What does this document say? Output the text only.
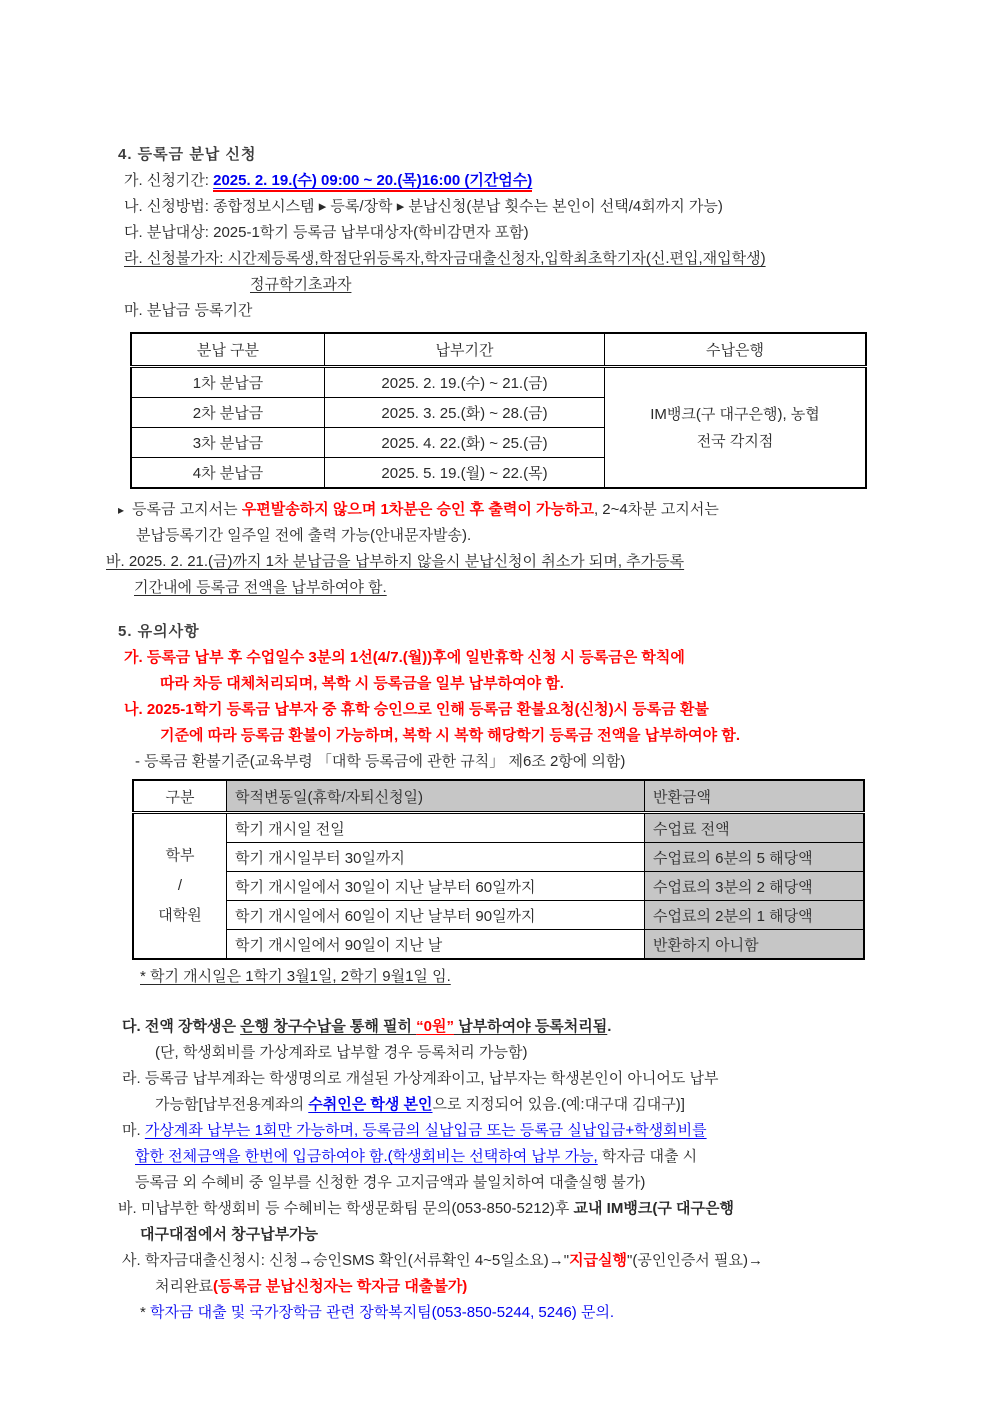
4. 등록금 분납 신청
가. 신청기간: 2025. 2. 19.(수) 09:00 ~ 20.(목)16:00 (기간엄수)
나. 신청방법: 종합정보시스템 ▸ 등록/장학 ▸ 분납신청(분납 횟수는 본인이 선택/4회까지 가능)
다. 분납대상: 2025-1학기 등록금 납부대상자(학비감면자 포함)
라. 신청불가자: 시간제등록생,학점단위등록자,학자금대출신청자,입학최초학기자(신.편입,재입학생)
정규학기초과자
마. 분납금 등록기간
분납 구분	납부기간	수납은행
1차 분납금	2025. 2. 19.(수) ~ 21.(금)	IM뱅크(구 대구은행), 농협
전국 각지점

2차 분납금	2025. 3. 25.(화) ~ 28.(금)	
3차 분납금	2025. 4. 22.(화) ~ 25.(금)	
4차 분납금	2025. 5. 19.(월) ~ 22.(목)	
▸ 등록금 고지서는 우편발송하지 않으며 1차분은 승인 후 출력이 가능하고, 2~4차분 고지서는
분납등록기간 일주일 전에 출력 가능(안내문자발송).
바. 2025. 2. 21.(금)까지 1차 분납금을 납부하지 않을시 분납신청이 취소가 되며, 추가등록
기간내에 등록금 전액을 납부하여야 함.
5. 유의사항
가. 등록금 납부 후 수업일수 3분의 1선(4/7.(월))후에 일반휴학 신청 시 등록금은 학칙에
따라 차등 대체처리되며, 복학 시 등록금을 일부 납부하여야 함.
나. 2025-1학기 등록금 납부자 중 휴학 승인으로 인해 등록금 환불요청(신청)시 등록금 환불
기준에 따라 등록금 환불이 가능하며, 복학 시 복학 해당학기 등록금 전액을 납부하여야 함.
- 등록금 환불기준(교육부령 「대학 등록금에 관한 규칙」 제6조 2항에 의함)
구분	학적변동일(휴학/자퇴신청일)	반환금액

학부
/
대학원	학기 개시일 전일	수업료 전액
	학기 개시일부터 30일까지	수업료의 6분의 5 해당액
	학기 개시일에서 30일이 지난 날부터 60일까지	수업료의 3분의 2 해당액
	학기 개시일에서 60일이 지난 날부터 90일까지	수업료의 2분의 1 해당액
	학기 개시일에서 90일이 지난 날	반환하지 아니함
* 학기 개시일은 1학기 3월1일, 2학기 9월1일 임.
다. 전액 장학생은 은행 창구수납을 통해 필히 “0원” 납부하여야 등록처리됨.
(단, 학생회비를 가상계좌로 납부할 경우 등록처리 가능함)
라. 등록금 납부계좌는 학생명의로 개설된 가상계좌이고, 납부자는 학생본인이 아니어도 납부
가능함[납부전용계좌의 수취인은 학생 본인으로 지정되어 있음.(예:대구대 김대구)]
마. 가상계좌 납부는 1회만 가능하며, 등록금의 실납입금 또는 등록금 실납입금+학생회비를
합한 전체금액을 한번에 입금하여야 함.(학생회비는 선택하여 납부 가능, 학자금 대출 시
등록금 외 수혜비 중 일부를 신청한 경우 고지금액과 불일치하여 대출실행 불가)
바. 미납부한 학생회비 등 수혜비는 학생문화팀 문의(053-850-5212)후 교내 IM뱅크(구 대구은행
대구대점에서 창구납부가능
사. 학자금대출신청시: 신청→승인SMS 확인(서류확인 4~5일소요)→"지급실행"(공인인증서 필요)→
처리완료(등록금 분납신청자는 학자금 대출불가)
* 학자금 대출 및 국가장학금 관련 장학복지팀(053-850-5244, 5246) 문의.
